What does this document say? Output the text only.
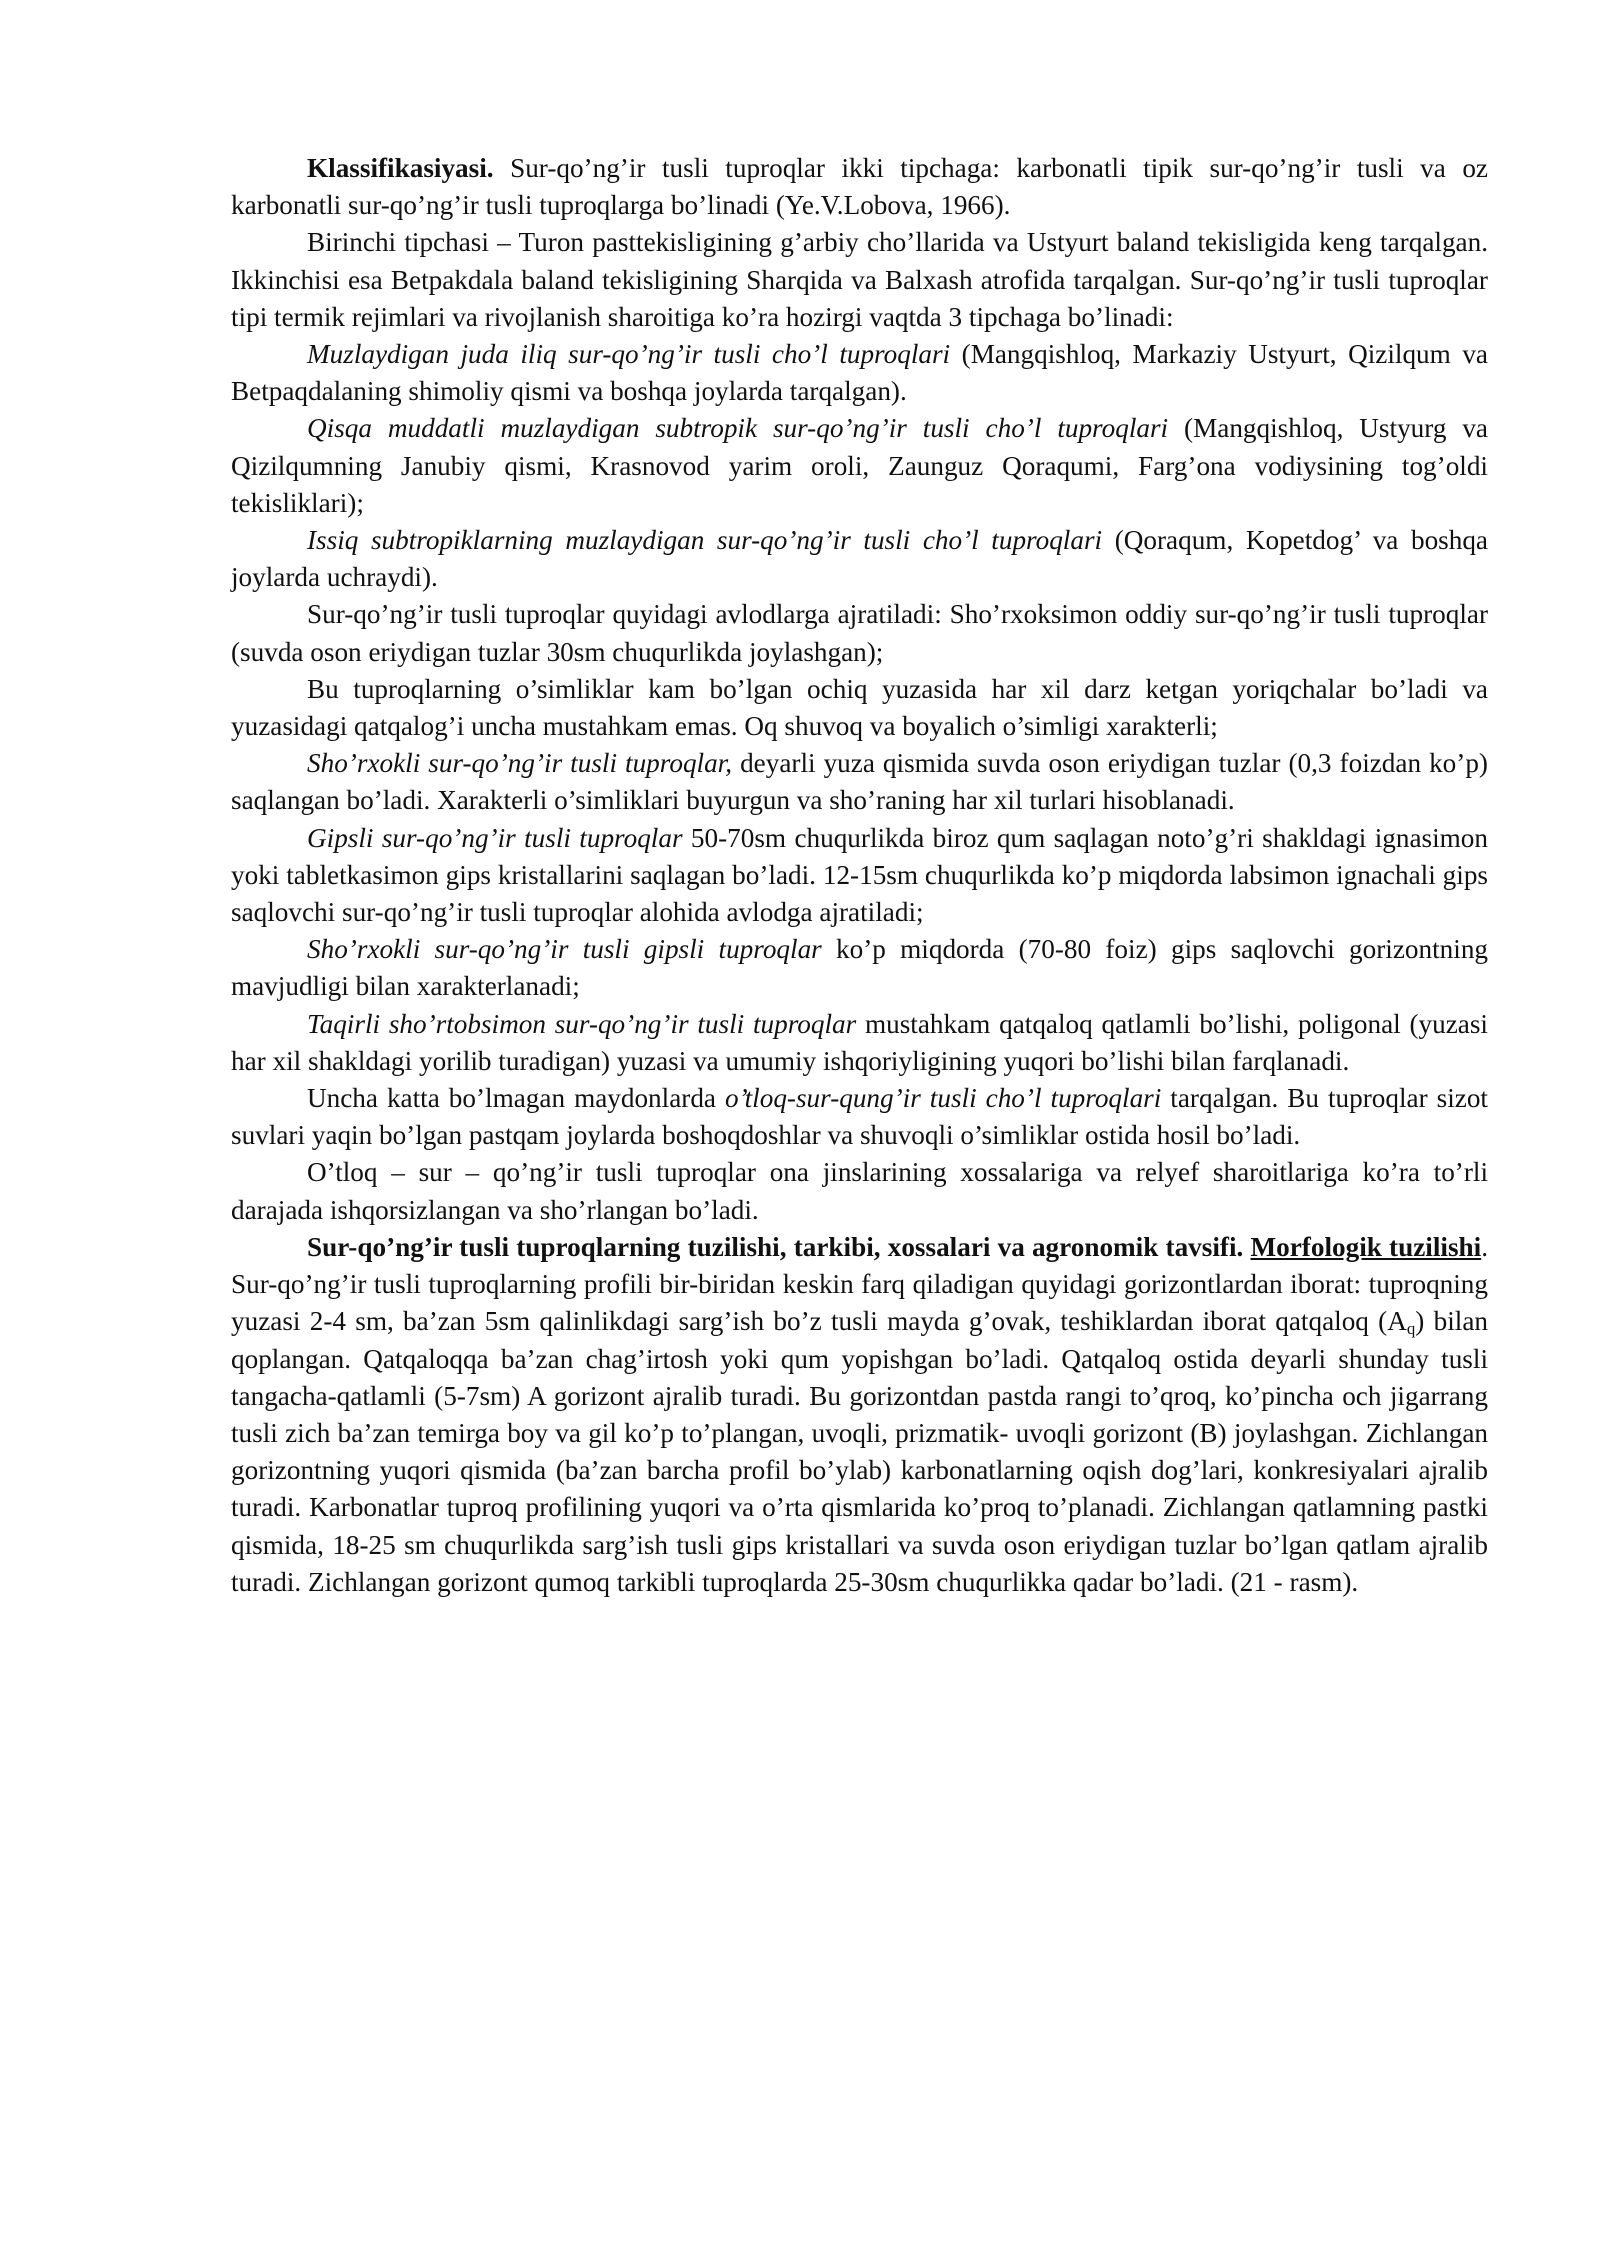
Klassifikasiyasi. Sur-qo’ng’ir tusli tuproqlar ikki tipchaga: karbonatli tipik sur-qo’ng’ir tusli va oz karbonatli sur-qo’ng’ir tusli tuproqlarga bo’linadi (Ye.V.Lobova, 1966).

Birinchi tipchasi – Turon pasttekisligining g’arbiy cho’llarida va Ustyurt baland tekisligida keng tarqalgan. Ikkinchisi esa Betpakdala baland tekisligining Sharqida va Balxash atrofida tarqalgan. Sur-qo’ng’ir tusli tuproqlar tipi termik rejimlari va rivojlanish sharoitiga ko’ra hozirgi vaqtda 3 tipchaga bo’linadi:

Muzlaydigan juda iliq sur-qo’ng’ir tusli cho’l tuproqlari (Mangqishloq, Markaziy Ustyurt, Qizilqum va Betpaqdalaning shimoliy qismi va boshqa joylarda tarqalgan).

Qisqa muddatli muzlaydigan subtropik sur-qo’ng’ir tusli cho’l tuproqlari (Mangqishloq, Ustyurg va Qizilqumning Janubiy qismi, Krasnovod yarim oroli, Zaunguz Qoraqumi, Farg’ona vodiysining tog’oldi tekisliklari);

Issiq subtropiklarning muzlaydigan sur-qo’ng’ir tusli cho’l tuproqlari (Qoraqum, Kopetdog’ va boshqa joylarda uchraydi).

Sur-qo’ng’ir tusli tuproqlar quyidagi avlodlarga ajratiladi: Sho’rxoksimon oddiy sur-qo’ng’ir tusli tuproqlar (suvda oson eriydigan tuzlar 30sm chuqurlikda joylashgan);

Bu tuproqlarning o’simliklar kam bo’lgan ochiq yuzasida har xil darz ketgan yoriqchalar bo’ladi va yuzasidagi qatqalog’i uncha mustahkam emas. Oq shuvoq va boyalich o’simligi xarakterli;

Sho’rxokli sur-qo’ng’ir tusli tuproqlar, deyarli yuza qismida suvda oson eriydigan tuzlar (0,3 foizdan ko’p) saqlangan bo’ladi. Xarakterli o’simliklari buyurgun va sho’raning har xil turlari hisoblanadi.

Gipsli sur-qo’ng’ir tusli tuproqlar 50-70sm chuqurlikda biroz qum saqlagan noto’g’ri shakldagi ignasimon yoki tabletkasimon gips kristallarini saqlagan bo’ladi. 12-15sm chuqurlikda ko’p miqdorda labsimon ignachali gips saqlovchi sur-qo’ng’ir tusli tuproqlar alohida avlodga ajratiladi;

Sho’rxokli sur-qo’ng’ir tusli gipsli tuproqlar ko’p miqdorda (70-80 foiz) gips saqlovchi gorizontning mavjudligi bilan xarakterlanadi;

Taqirli sho’rtobsimon sur-qo’ng’ir tusli tuproqlar mustahkam qatqaloq qatlamli bo’lishi, poligonal (yuzasi har xil shakldagi yorilib turadigan) yuzasi va umumiy ishqoriyligining yuqori bo’lishi bilan farqlanadi.

Uncha katta bo’lmagan maydonlarda o’tloq-sur-qung’ir tusli cho’l tuproqlari tarqalgan. Bu tuproqlar sizot suvlari yaqin bo’lgan pastqam joylarda boshoqdoshlar va shuvoqli o’simliklar ostida hosil bo’ladi.

O’tloq – sur – qo’ng’ir tusli tuproqlar ona jinslarining xossalariga va relyef sharoitlariga ko’ra to’rli darajada ishqorsizlangan va sho’rlangan bo’ladi.

Sur-qo’ng’ir tusli tuproqlarning tuzilishi, tarkibi, xossalari va agronomik tavsifi. Morfologik tuzilishi. Sur-qo’ng’ir tusli tuproqlarning profili bir-biridan keskin farq qiladigan quyidagi gorizontlardan iborat: tuproqning yuzasi 2-4 sm, ba’zan 5sm qalinlikdagi sarg’ish bo’z tusli mayda g’ovak, teshiklardan iborat qatqaloq $(A_q)$ bilan qoplangan. Qatqaloqqa ba’zan chag’irtosh yoki qum yopishgan bo’ladi. Qatqaloq ostida deyarli shunday tusli tangacha-qatlamli (5-7sm) A gorizont ajralib turadi. Bu gorizontdan pastda rangi to’qroq, ko’pincha och jigarrang tusli zich ba’zan temirga boy va gil ko’p to’plangan, uvoqli, prizmatik- uvoqli gorizont (B) joylashgan. Zichlangan gorizontning yuqori qismida (ba’zan barcha profil bo’ylab) karbonatlarning oqish dog’lari, konkresiyalari ajralib turadi. Karbonatlar tuproq profilining yuqori va o’rta qismlarida ko’proq to’planadi. Zichlangan qatlamning pastki qismida, 18-25 sm chuqurlikda sarg’ish tusli gips kristallari va suvda oson eriydigan tuzlar bo’lgan qatlam ajralib turadi. Zichlangan gorizont qumoq tarkibli tuproqlarda 25-30sm chuqurlikka qadar bo’ladi. (21 - rasm).
